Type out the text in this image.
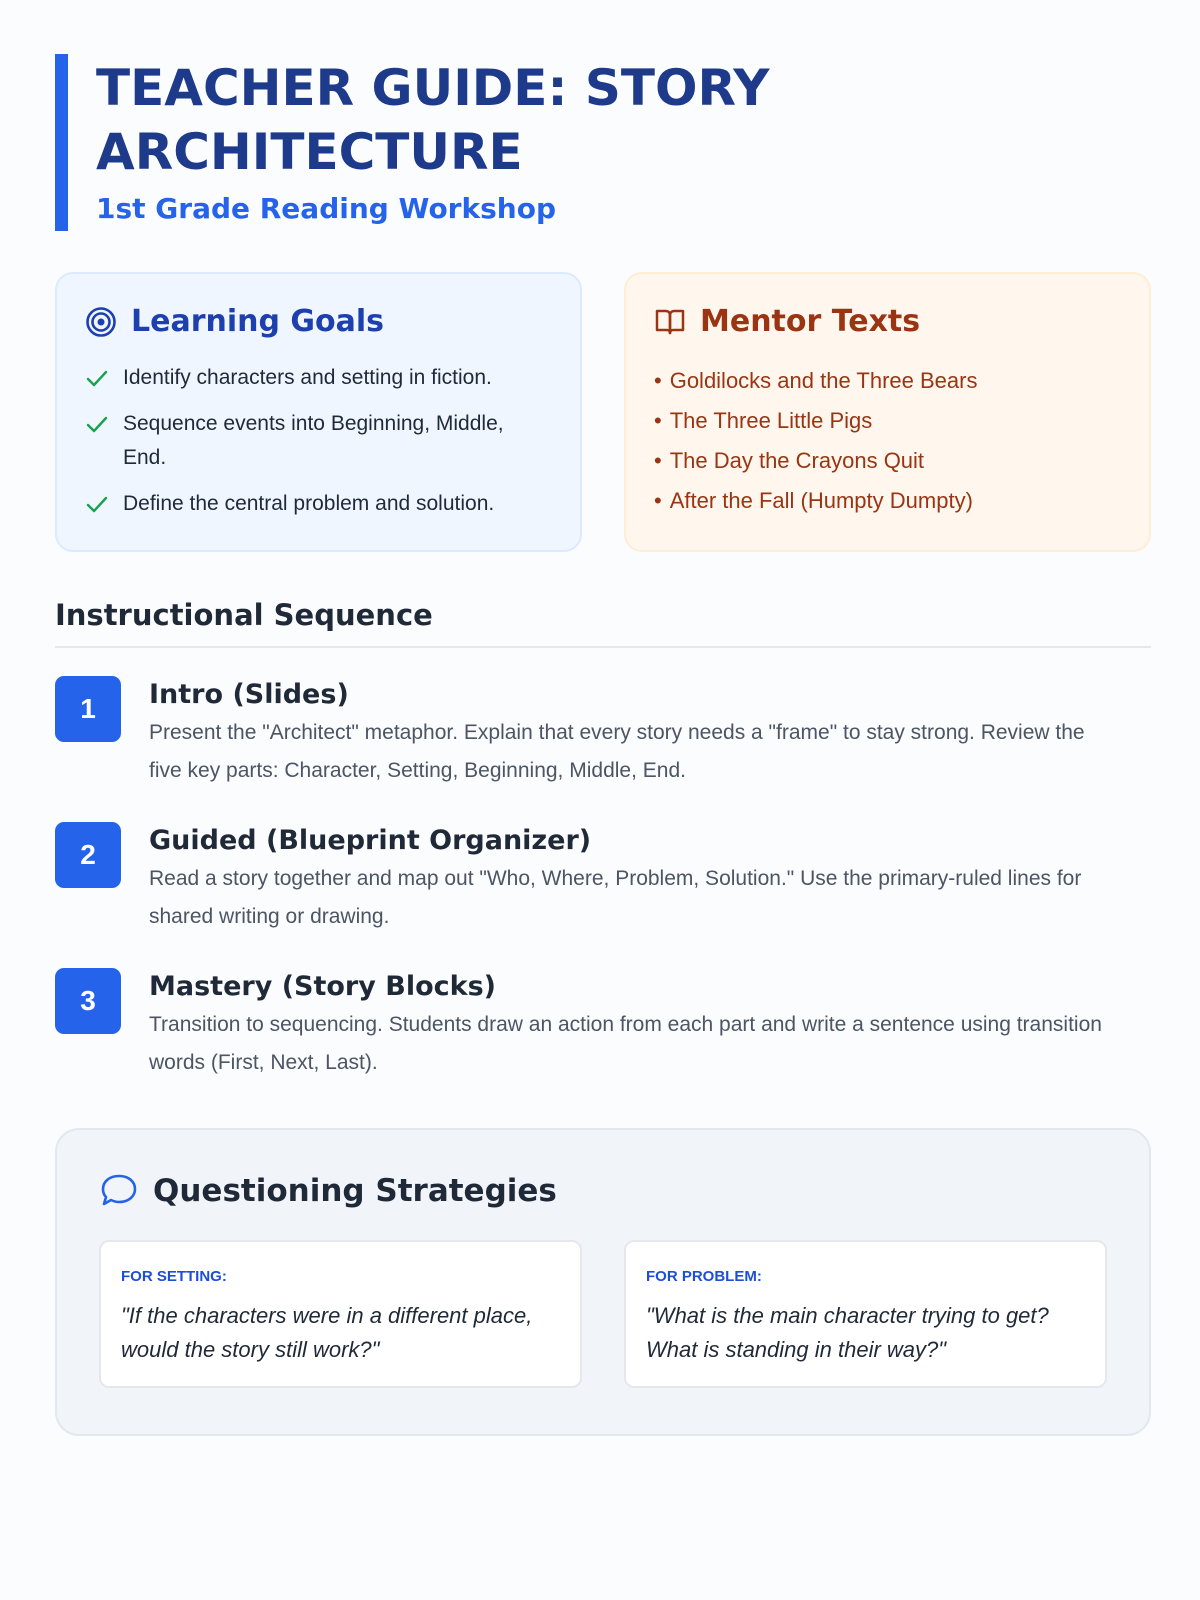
TEACHER GUIDE: STORY ARCHITECTURE
1st Grade Reading Workshop
Learning Goals
Identify characters and setting in fiction.
Sequence events into Beginning, Middle, End.
Define the central problem and solution.
Mentor Texts
• Goldilocks and the Three Bears
• The Three Little Pigs
• The Day the Crayons Quit
• After the Fall (Humpty Dumpty)
Instructional Sequence
1	Intro (Slides)
Present the "Architect" metaphor. Explain that every story needs a "frame" to stay strong. Review the five key parts: Character, Setting, Beginning, Middle, End.
2	Guided (Blueprint Organizer)
Read a story together and map out "Who, Where, Problem, Solution." Use the primary-ruled lines for shared writing or drawing.
3	Mastery (Story Blocks)
Transition to sequencing. Students draw an action from each part and write a sentence using transition words (First, Next, Last).
Questioning Strategies
FOR SETTING:
"If the characters were in a different place, would the story still work?"
FOR PROBLEM:
"What is the main character trying to get? What is standing in their way?"
